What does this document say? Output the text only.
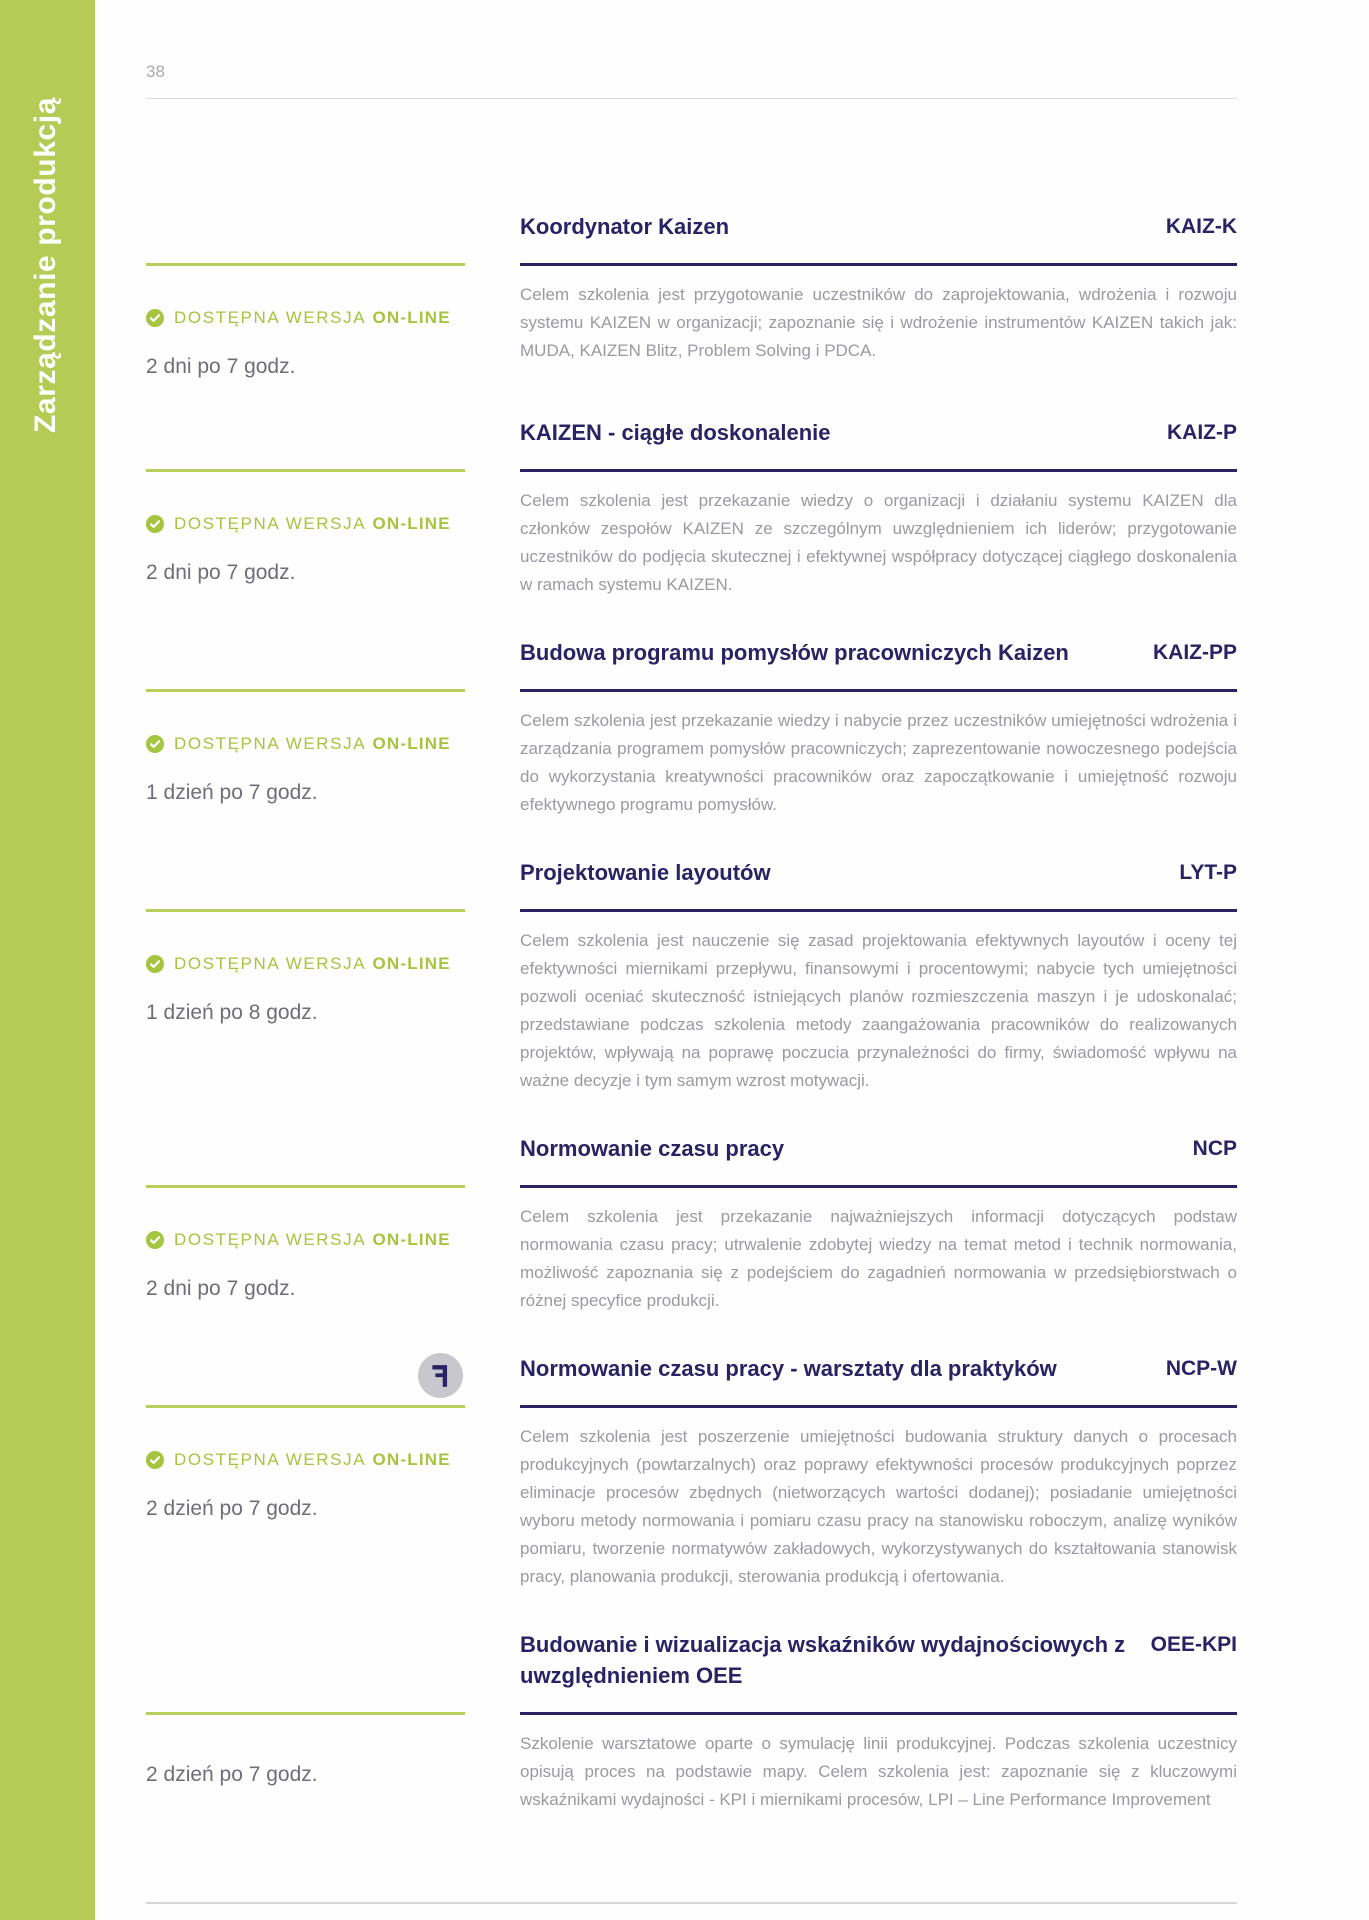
Zarządzanie produkcją
38
Koordynator Kaizen	KAIZ-K
DOSTĘPNA WERSJA ON-LINE
2 dni po 7 godz.

Celem szkolenia jest przygotowanie uczestników do zaprojektowania, wdrożenia i rozwoju systemu KAIZEN w organizacji; zapoznanie się i wdrożenie instrumentów KAIZEN takich jak: MUDA, KAIZEN Blitz, Problem Solving i PDCA.

KAIZEN - ciągłe doskonalenie	KAIZ-P
DOSTĘPNA WERSJA ON-LINE
2 dni po 7 godz.

Celem szkolenia jest przekazanie wiedzy o organizacji i działaniu systemu KAIZEN dla członków zespołów KAIZEN ze szczególnym uwzględnieniem ich liderów; przygotowanie uczestników do podjęcia skutecznej i efektywnej współpracy dotyczącej ciągłego doskonalenia w ramach systemu KAIZEN.

Budowa programu pomysłów pracowniczych Kaizen	KAIZ-PP
DOSTĘPNA WERSJA ON-LINE
1 dzień po 7 godz.

Celem szkolenia jest przekazanie wiedzy i nabycie przez uczestników umiejętności wdrożenia i zarządzania programem pomysłów pracowniczych; zaprezentowanie nowoczesnego podejścia do wykorzystania kreatywności pracowników oraz zapoczątkowanie i umiejętność rozwoju efektywnego programu pomysłów.

Projektowanie layoutów	LYT-P
DOSTĘPNA WERSJA ON-LINE
1 dzień po 8 godz.

Celem szkolenia jest nauczenie się zasad projektowania efektywnych layoutów i oceny tej efektywności miernikami przepływu, finansowymi i procentowymi; nabycie tych umiejętności pozwoli oceniać skuteczność istniejących planów rozmieszczenia maszyn i je udoskonalać; przedstawiane podczas szkolenia metody zaangażowania pracowników do realizowanych projektów, wpływają na poprawę poczucia przynależności do firmy, świadomość wpływu na ważne decyzje i tym samym wzrost motywacji.

Normowanie czasu pracy	NCP
DOSTĘPNA WERSJA ON-LINE
2 dni po 7 godz.

Celem szkolenia jest przekazanie najważniejszych informacji dotyczących podstaw normowania czasu pracy; utrwalenie zdobytej wiedzy na temat metod i technik normowania, możliwość zapoznania się z podejściem do zagadnień normowania w przedsiębiorstwach o różnej specyfice produkcji.

Normowanie czasu pracy - warsztaty dla praktyków	NCP-W
DOSTĘPNA WERSJA ON-LINE
2 dzień po 7 godz.

Celem szkolenia jest poszerzenie umiejętności budowania struktury danych o procesach produkcyjnych (powtarzalnych) oraz poprawy efektywności procesów produkcyjnych poprzez eliminacje procesów zbędnych (nietworzących wartości dodanej); posiadanie umiejętności wyboru metody normowania i pomiaru czasu pracy na stanowisku roboczym, analizę wyników pomiaru, tworzenie normatywów zakładowych, wykorzystywanych do kształtowania stanowisk pracy, planowania produkcji, sterowania produkcją i ofertowania.

Budowanie i wizualizacja wskaźników wydajnościowych z uwzględnieniem OEE
OEE-KPI
2 dzień po 7 godz.

Szkolenie warsztatowe oparte o symulację linii produkcyjnej. Podczas szkolenia uczestnicy opisują proces na podstawie mapy. Celem szkolenia jest: zapoznanie się z kluczowymi wskaźnikami wydajności - KPI i miernikami procesów, LPI – Line Performance Improvement
